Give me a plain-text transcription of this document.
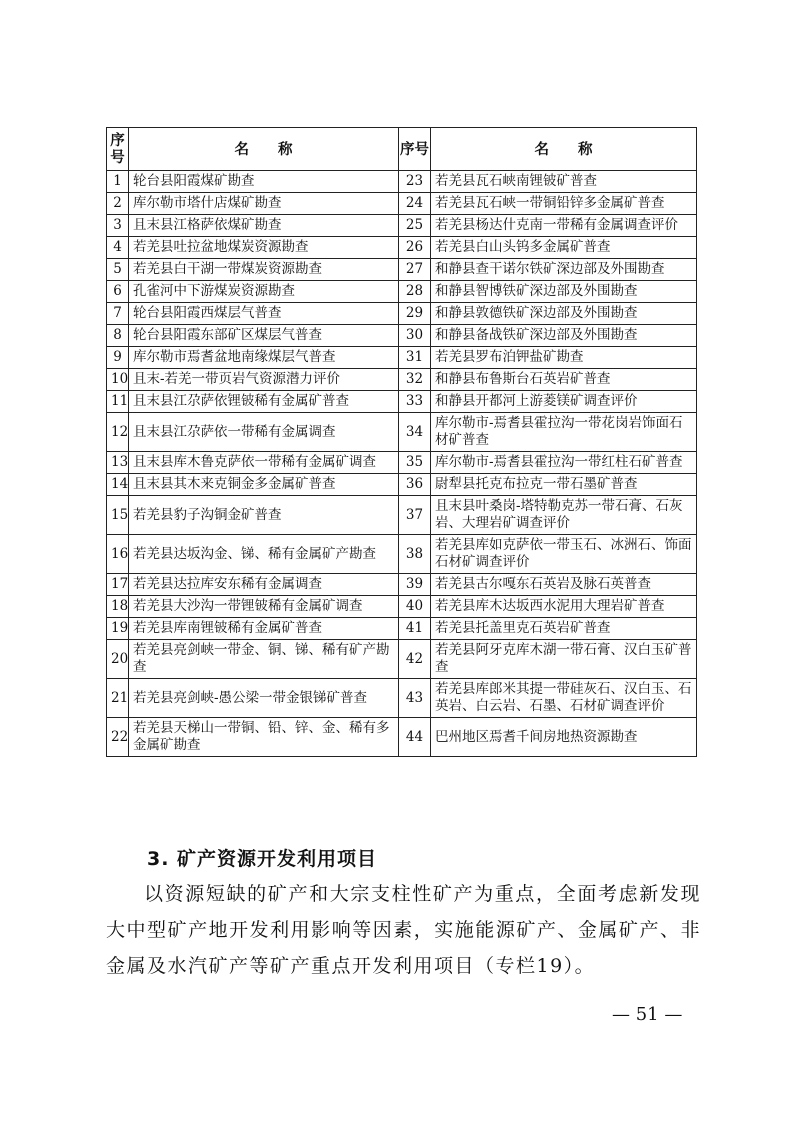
序号	名　　称	序号	名　　称
1	轮台县阳霞煤矿勘查	23	若羌县瓦石峡南锂铍矿普查
2	库尔勒市塔什店煤矿勘查	24	若羌县瓦石峡一带铜铅锌多金属矿普查
3	且末县江格萨依煤矿勘查	25	若羌县杨达什克南一带稀有金属调查评价
4	若羌县吐拉盆地煤炭资源勘查	26	若羌县白山头钨多金属矿普查
5	若羌县白干湖一带煤炭资源勘查	27	和静县查干诺尔铁矿深边部及外围勘查
6	孔雀河中下游煤炭资源勘查	28	和静县智博铁矿深边部及外围勘查
7	轮台县阳霞西煤层气普查	29	和静县敦德铁矿深边部及外围勘查
8	轮台县阳霞东部矿区煤层气普查	30	和静县备战铁矿深边部及外围勘查
9	库尔勒市焉耆盆地南缘煤层气普查	31	若羌县罗布泊钾盐矿勘查
10	且末-若羌一带页岩气资源潜力评价	32	和静县布鲁斯台石英岩矿普查
11	且末县江尕萨依锂铍稀有金属矿普查	33	和静县开都河上游菱镁矿调查评价
12	且末县江尕萨依一带稀有金属调查	34	库尔勒市-焉耆县霍拉沟一带花岗岩饰面石材矿普查
13	且末县库木鲁克萨依一带稀有金属矿调查	35	库尔勒市-焉耆县霍拉沟一带红柱石矿普查
14	且末县其木来克铜金多金属矿普查	36	尉犁县托克布拉克一带石墨矿普查
15	若羌县豹子沟铜金矿普查	37	且末县叶桑岗-塔特勒克苏一带石膏、石灰岩、大理岩矿调查评价
16	若羌县达坂沟金、锑、稀有金属矿产勘查	38	若羌县库如克萨依一带玉石、冰洲石、饰面石材矿调查评价
17	若羌县达拉库安东稀有金属调查	39	若羌县古尔嘎东石英岩及脉石英普查
18	若羌县大沙沟一带锂铍稀有金属矿调查	40	若羌县库木达坂西水泥用大理岩矿普查
19	若羌县库南锂铍稀有金属矿普查	41	若羌县托盖里克石英岩矿普查
20	若羌县亮剑峡一带金、铜、锑、稀有矿产勘查	42	若羌县阿牙克库木湖一带石膏、汉白玉矿普查
21	若羌县亮剑峡-愚公梁一带金银锑矿普查	43	若羌县库郎米其提一带硅灰石、汉白玉、石英岩、白云岩、石墨、石材矿调查评价
22	若羌县天梯山一带铜、铅、锌、金、稀有多金属矿勘查	44	巴州地区焉耆千间房地热资源勘查
3. 矿产资源开发利用项目

以资源短缺的矿产和大宗支柱性矿产为重点，全面考虑新发现大中型矿产地开发利用影响等因素，实施能源矿产、金属矿产、非金属及水汽矿产等矿产重点开发利用项目（专栏19）。

— 51 —
